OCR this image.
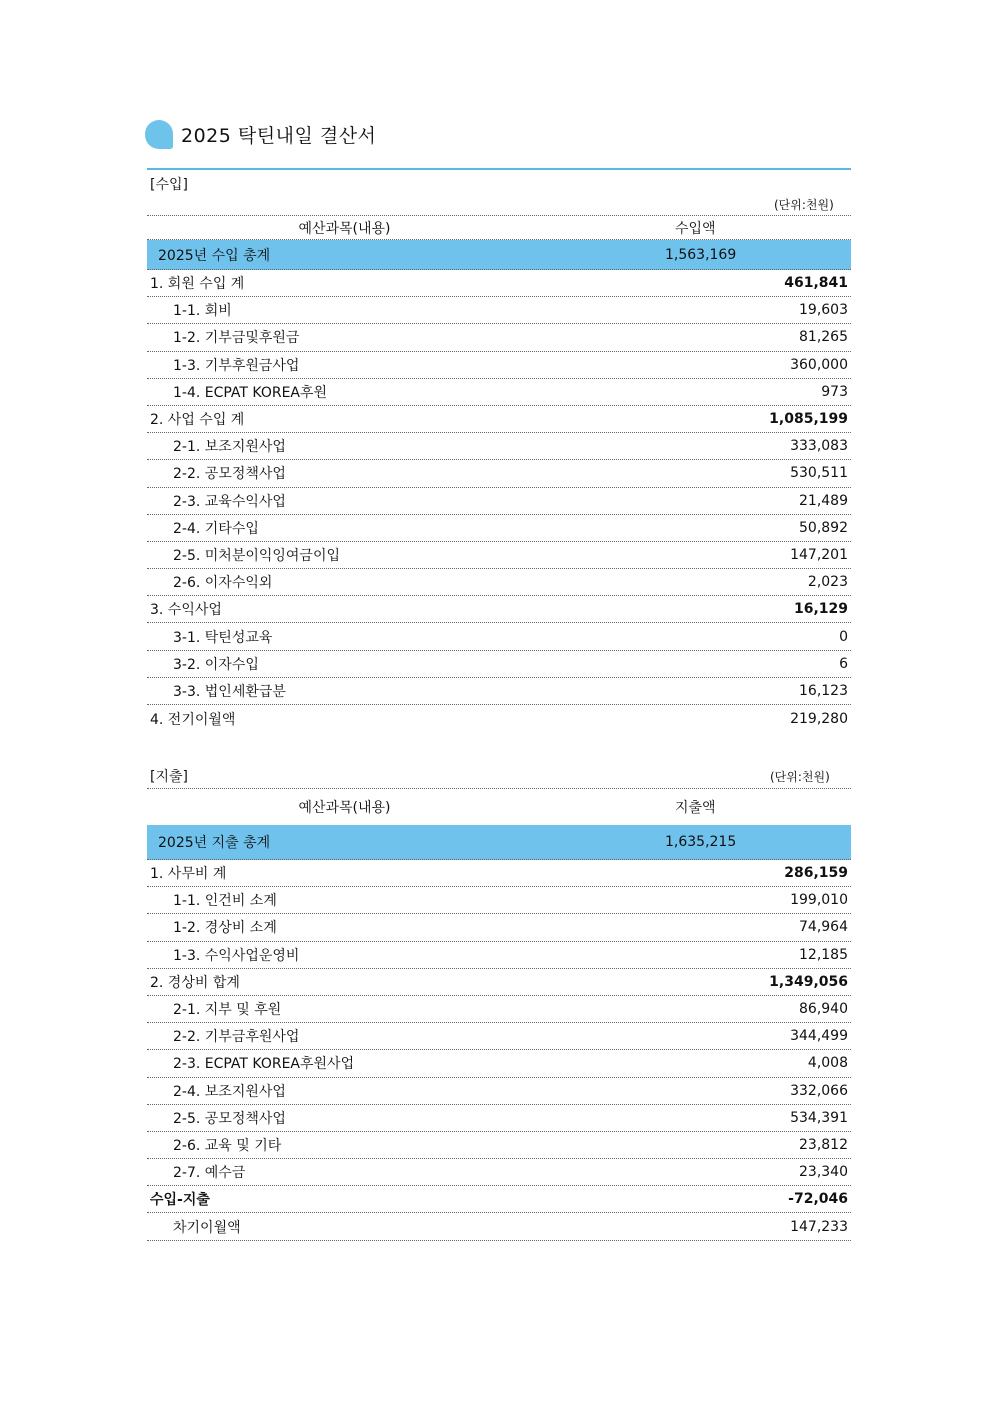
2025 탁틴내일 결산서
[수입]
(단위:천원)
예산과목(내용)	수입액
2025년 수입 총계	1,563,169
1. 회원 수입 계	461,841
1-1. 회비	19,603
1-2. 기부금및후원금	81,265
1-3. 기부후원금사업	360,000
1-4. ECPAT KOREA후원	973
2. 사업 수입 계	1,085,199
2-1. 보조지원사업	333,083
2-2. 공모정책사업	530,511
2-3. 교육수익사업	21,489
2-4. 기타수입	50,892
2-5. 미처분이익잉여금이입	147,201
2-6. 이자수익외	2,023
3. 수익사업	16,129
3-1. 탁틴성교육	0
3-2. 이자수입	6
3-3. 법인세환급분	16,123
4. 전기이월액	219,280
[지출]	(단위:천원)
예산과목(내용)	지출액
2025년 지출 총계	1,635,215
1. 사무비 계	286,159
1-1. 인건비 소계	199,010
1-2. 경상비 소계	74,964
1-3. 수익사업운영비	12,185
2. 경상비 합계	1,349,056
2-1. 지부 및 후원	86,940
2-2. 기부금후원사업	344,499
2-3. ECPAT KOREA후원사업	4,008
2-4. 보조지원사업	332,066
2-5. 공모정책사업	534,391
2-6. 교육 및 기타	23,812
2-7. 예수금	23,340
수입-지출	-72,046
차기이월액	147,233
